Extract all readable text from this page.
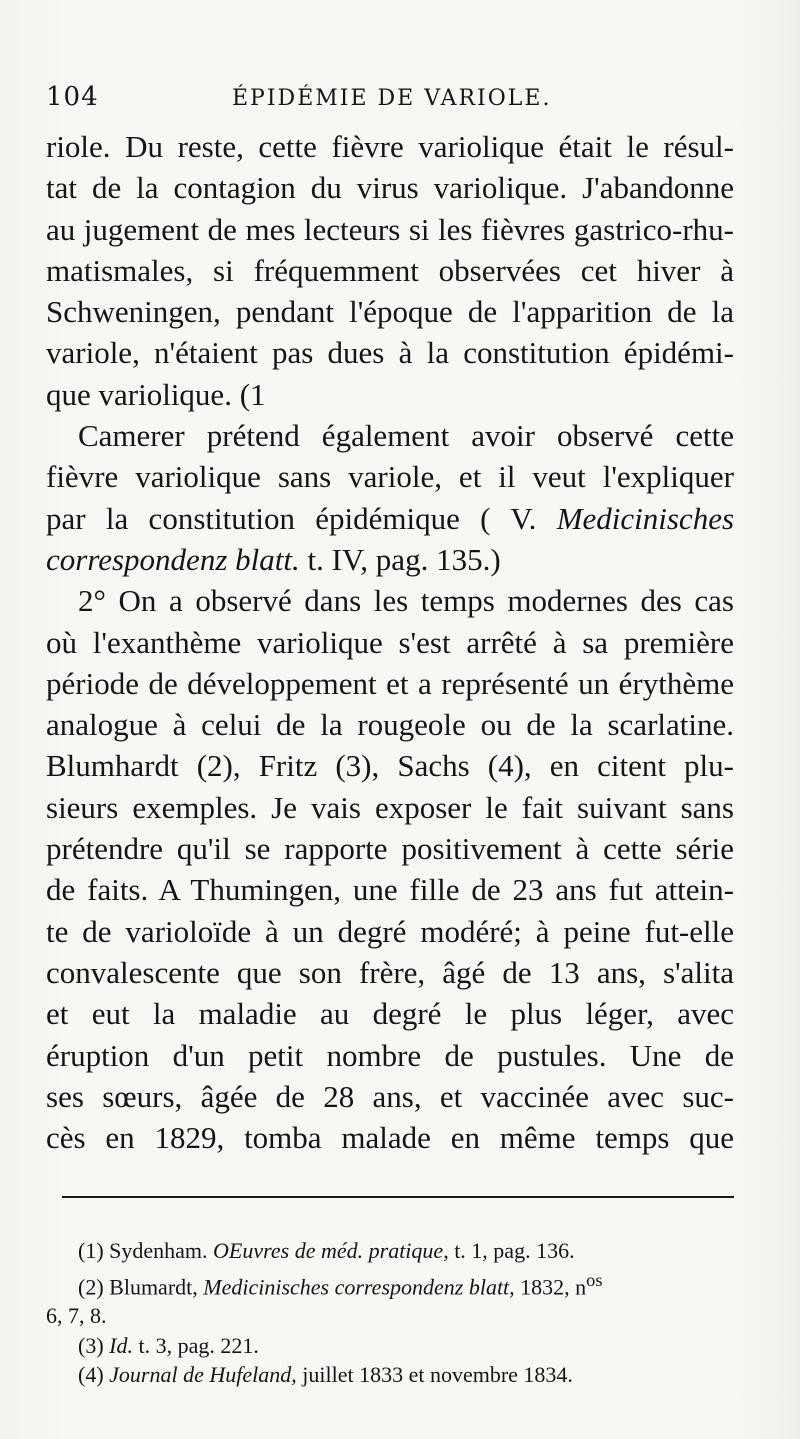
104	ÉPIDÉMIE DE VARIOLE.
riole. Du reste, cette fièvre variolique était le résul-
tat de la contagion du virus variolique. J'abandonne
au jugement de mes lecteurs si les fièvres gastrico-rhu-
matismales, si fréquemment observées cet hiver à
Schweningen, pendant l'époque de l'apparition de la
variole, n'étaient pas dues à la constitution épidémi-
que variolique. (1
Camerer prétend également avoir observé cette
fièvre variolique sans variole, et il veut l'expliquer
par la constitution épidémique ( V. Medicinisches
correspondenz blatt. t. IV, pag. 135.)
2° On a observé dans les temps modernes des cas
où l'exanthème variolique s'est arrêté à sa première
période de développement et a représenté un érythème
analogue à celui de la rougeole ou de la scarlatine.
Blumhardt (2), Fritz (3), Sachs (4), en citent plu-
sieurs exemples. Je vais exposer le fait suivant sans
prétendre qu'il se rapporte positivement à cette série
de faits. A Thumingen, une fille de 23 ans fut attein-
te de varioloïde à un degré modéré; à peine fut-elle
convalescente que son frère, âgé de 13 ans, s'alita
et eut la maladie au degré le plus léger, avec
éruption d'un petit nombre de pustules. Une de
ses sœurs, âgée de 28 ans, et vaccinée avec suc-
cès en 1829, tomba malade en même temps que
(1) Sydenham. OEuvres de méd. pratique, t. 1, pag. 136.
(2) Blumardt, Medicinisches correspondenz blatt, 1832, $n^{os}$
6, 7, 8.
(3) Id. t. 3, pag. 221.
(4) Journal de Hufeland, juillet 1833 et novembre 1834.
